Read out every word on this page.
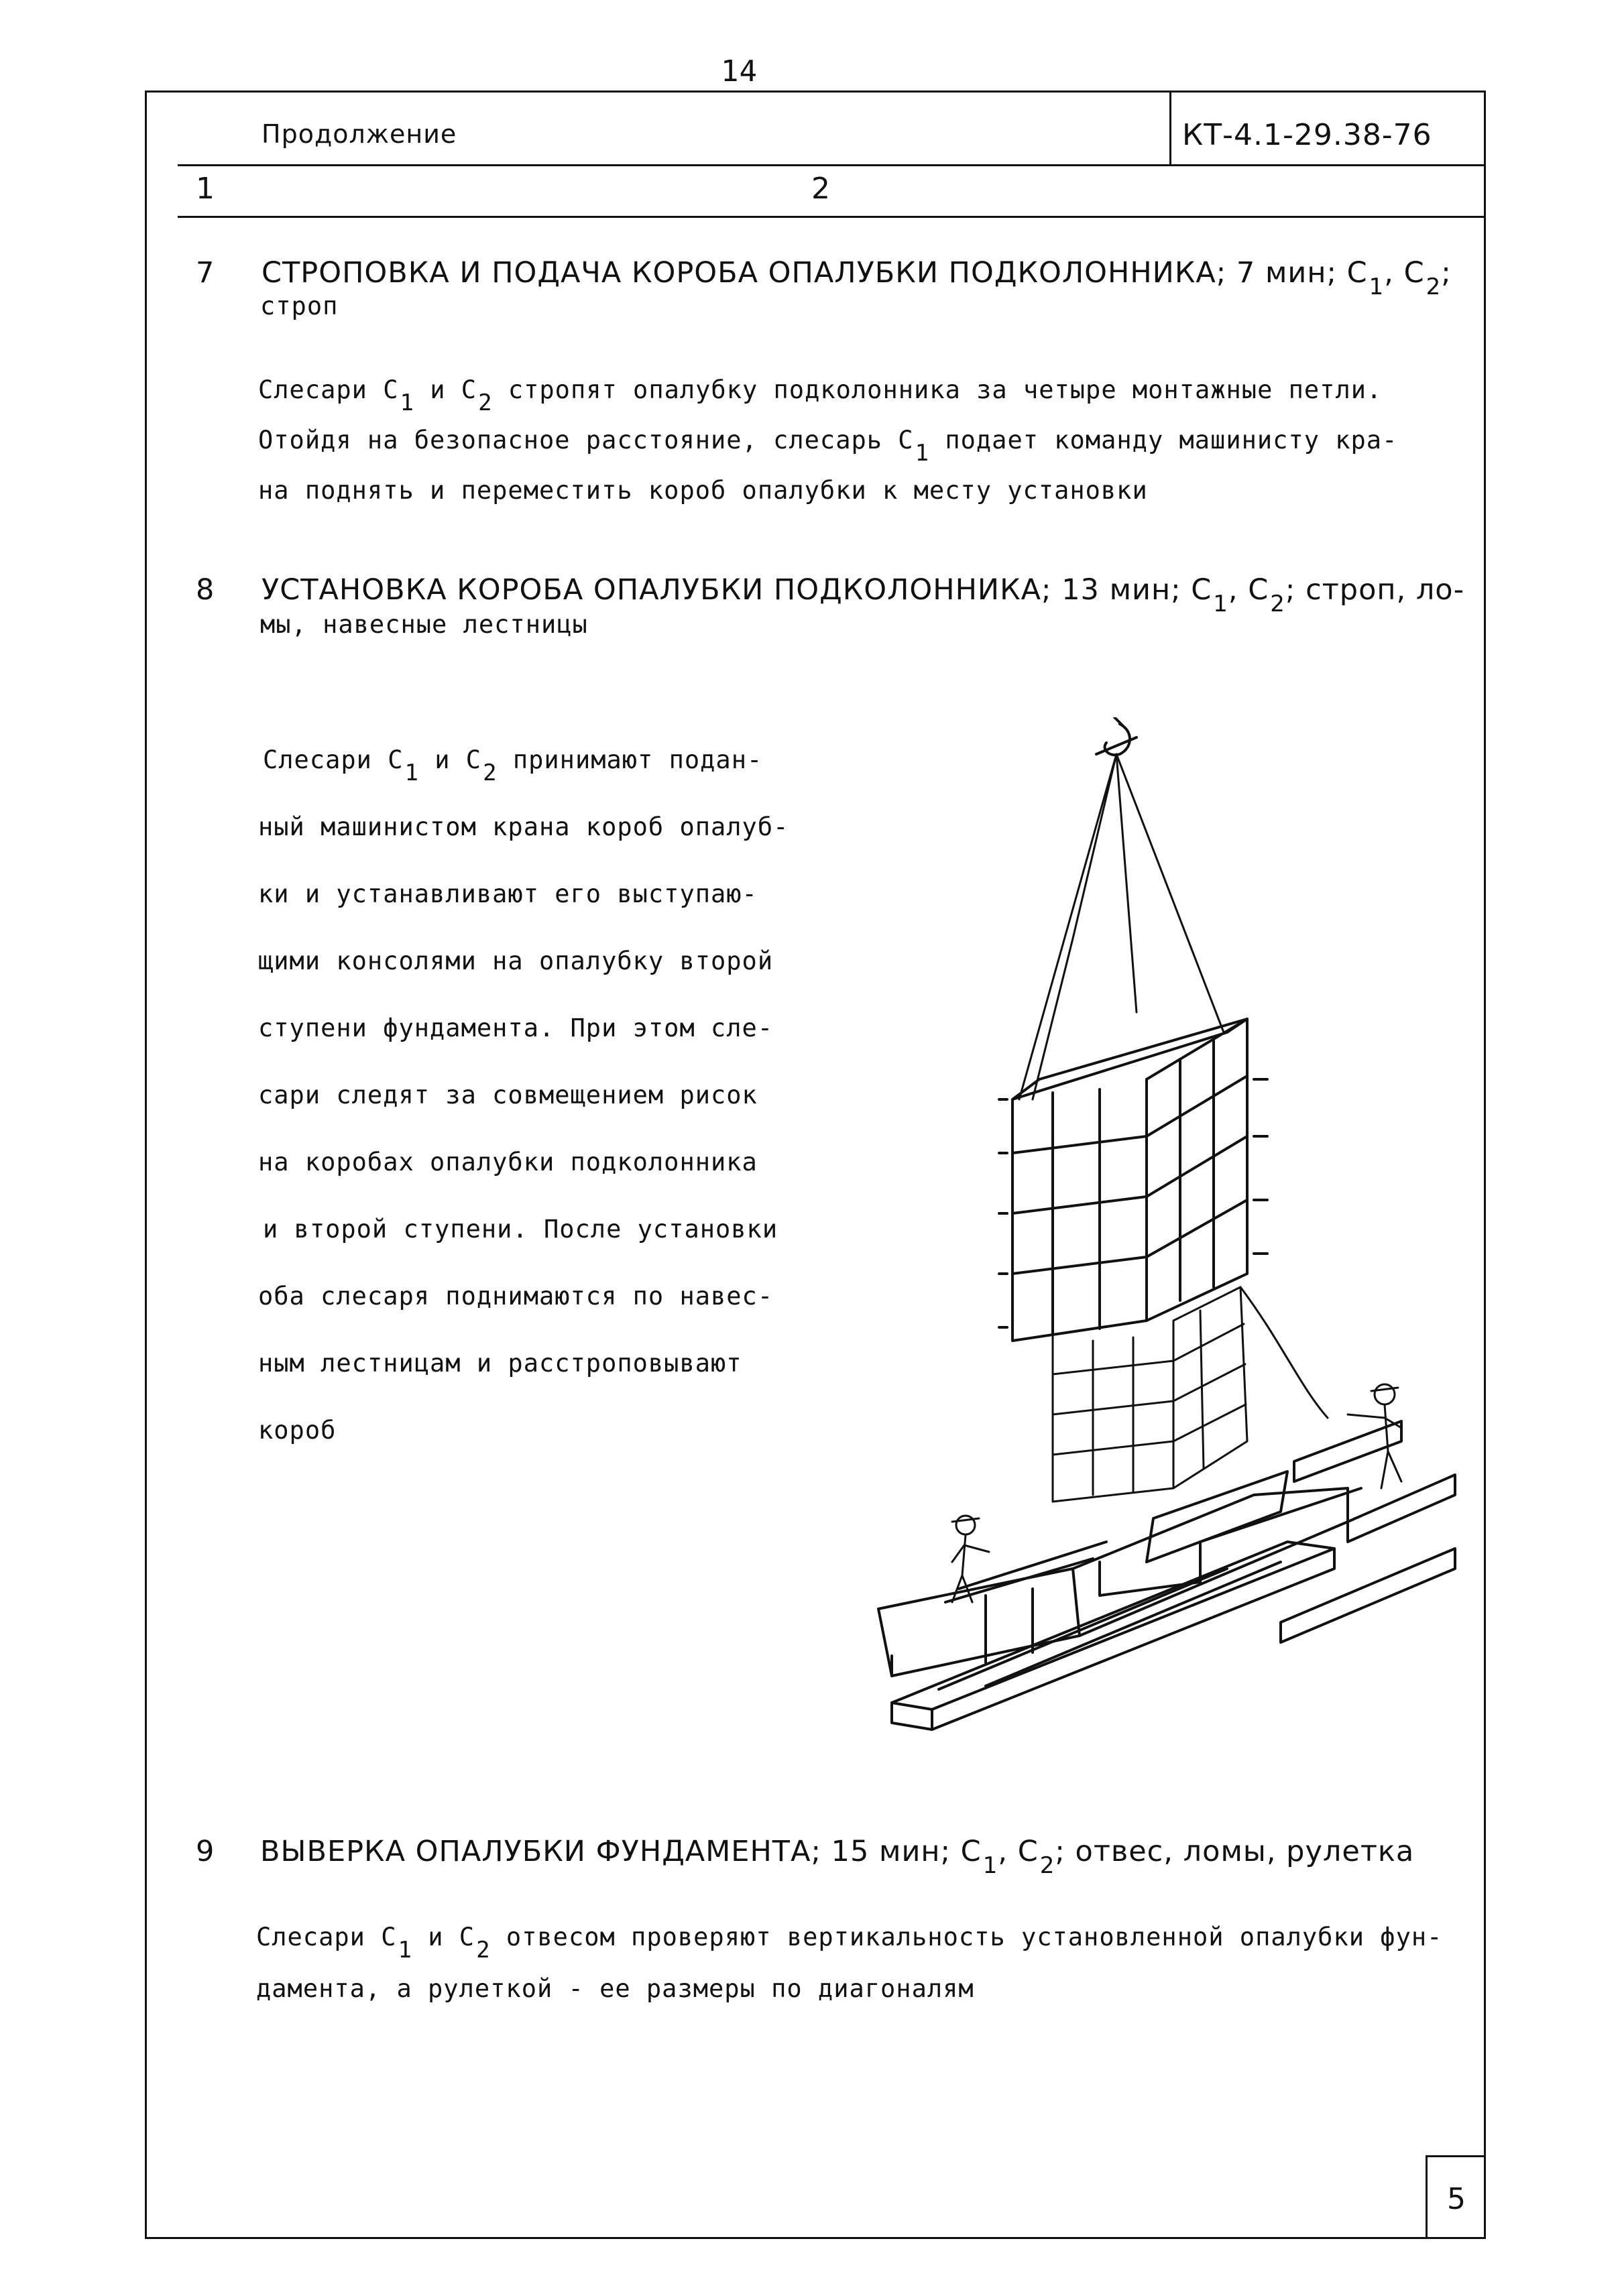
14
Продолжение	КТ-4.1-29.38-76
1	2
7 СТРОПОВКА И ПОДАЧА КОРОБА ОПАЛУБКИ ПОДКОЛОННИКА; 7 мин; $С_1$, $С_2$;
строп
Слесари С1 и С2 стропят опалубку подколонника за четыре монтажные петли.
Отойдя на безопасное расстояние, слесарь С1 подает команду машинисту кра-
на поднять и переместить короб опалубки к месту установки
8 УСТАНОВКА КОРОБА ОПАЛУБКИ ПОДКОЛОННИКА; 13 мин; $С_1$, $С_2$; строп, ло-
мы, навесные лестницы
Слесари С1 и С2 принимают подан-
ный машинистом крана короб опалуб-
ки и устанавливают его выступаю-
щими консолями на опалубку второй
ступени фундамента. При этом сле-
сари следят за совмещением рисок
на коробах опалубки подколонника
и второй ступени. После установки
оба слесаря поднимаются по навес-
ным лестницам и расстроповывают
короб
9 ВЫВЕРКА ОПАЛУБКИ ФУНДАМЕНТА; 15 мин; $С_1$, $С_2$; отвес, ломы, рулетка
Слесари С1 и С2 отвесом проверяют вертикальность установленной опалубки фун-
дамента, а рулеткой - ее размеры по диагоналям
5
